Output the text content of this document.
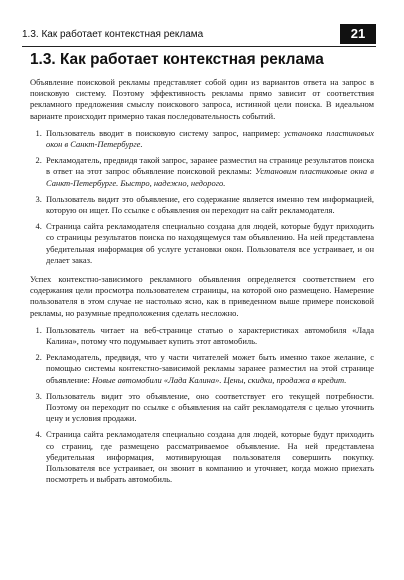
1.3. Как работает контекстная реклама	21
1.3. Как работает контекстная реклама

Объявление поисковой рекламы представляет собой один из вариантов ответа на запрос в поисковую систему. Поэтому эффективность рекламы прямо зависит от соответствия рекламного предложения смыслу поискового запроса, истинной цели поиска. В идеальном варианте происходит примерно такая последовательность событий.

1. Пользователь вводит в поисковую систему запрос, например: установка пластиковых окон в Санкт-Петербурге.
2. Рекламодатель, предвидя такой запрос, заранее разместил на странице результатов поиска в ответ на этот запрос объявление поисковой рекламы: Установим пластиковые окна в Санкт-Петербурге. Быстро, надежно, недорого.
3. Пользователь видит это объявление, его содержание является именно тем информацией, которую он ищет. По ссылке с объявления он переходит на сайт рекламодателя.
4. Страница сайта рекламодателя специально создана для людей, которые будут приходить со страницы результатов поиска по находящемуся там объявлению. На ней представлена убедительная информация об услуге установки окон. Пользователя все устраивает, и он делает заказ.

Успех контекстно-зависимого рекламного объявления определяется соответствием его содержания цели просмотра пользователем страницы, на которой оно размещено. Намерение пользователя в этом случае не настолько ясно, как в приведенном выше примере поисковой рекламы, но разумные предположения сделать несложно.

1. Пользователь читает на веб-странице статью о характеристиках автомобиля «Лада Калина», потому что подумывает купить этот автомобиль.
2. Рекламодатель, предвидя, что у части читателей может быть именно такое желание, с помощью системы контекстно-зависимой рекламы заранее разместил на этой странице объявление: Новые автомобили «Лада Калина». Цены, скидки, продажа в кредит.
3. Пользователь видит это объявление, оно соответствует его текущей потребности. Поэтому он переходит по ссылке с объявления на сайт рекламодателя с целью уточнить цену и условия продажи.
4. Страница сайта рекламодателя специально создана для людей, которые будут приходить со страниц, где размещено рассматриваемое объявление. На ней представлена убедительная информация, мотивирующая пользователя совершить покупку. Пользователя все устраивает, он звонит в компанию и уточняет, когда можно приехать посмотреть и выбрать автомобиль.
